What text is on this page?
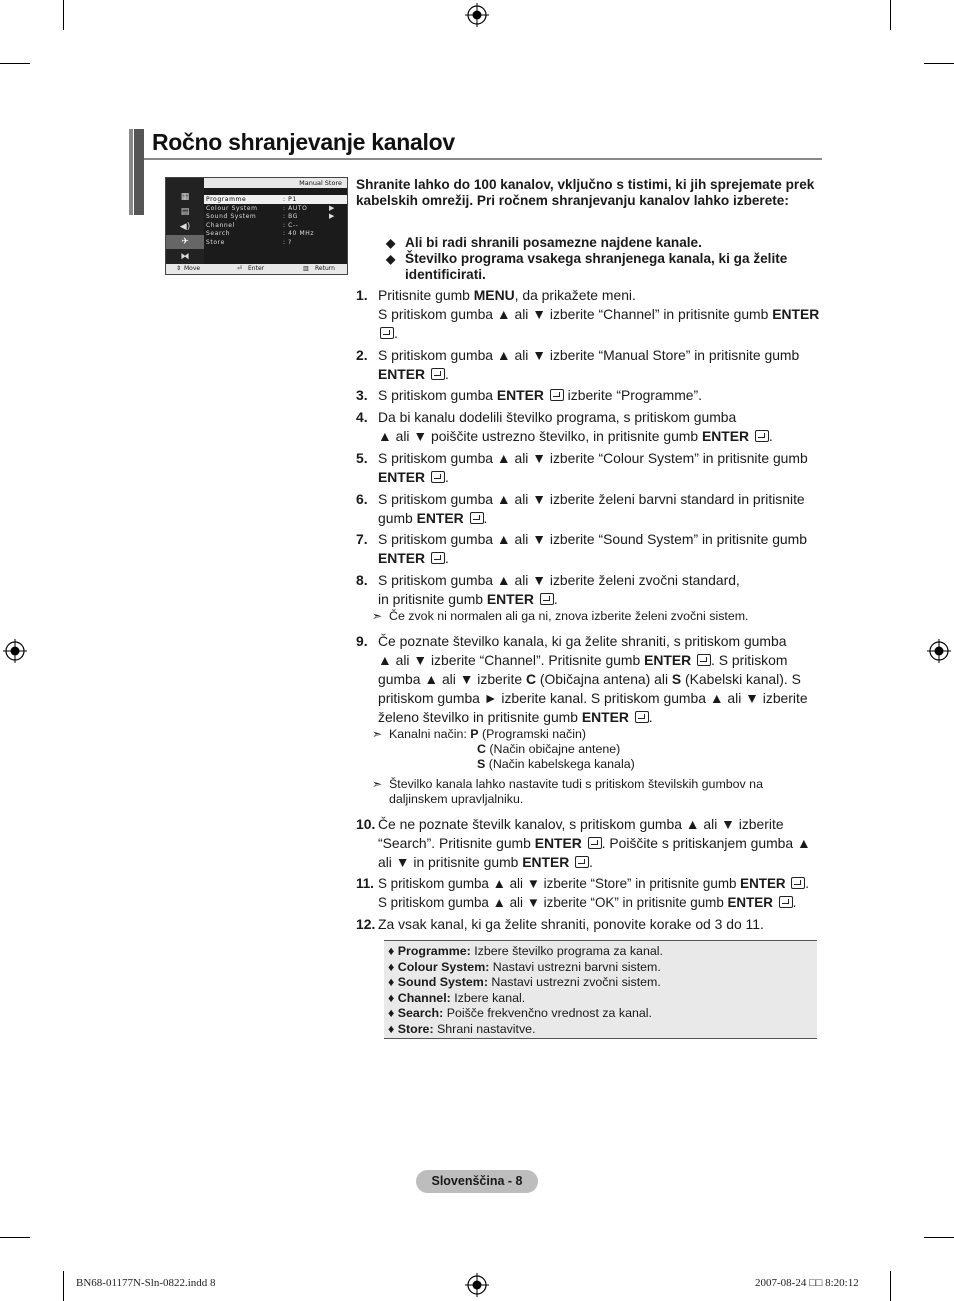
Ročno shranjevanje kanalov
▦
▤
◀)
✈
⧓
Manual Store
Programme	: P1
Colour System	: AUTO	▶
Sound System	: BG	▶
Channel	: C--
Search	: 40 MHz
Store	: ?
⇕ Move	⏎ Enter	▥ Return
Shranite lahko do 100 kanalov, vključno s tistimi, ki jih sprejemate prek kabelskih omrežij. Pri ročnem shranjevanju kanalov lahko izberete:
◆ Ali bi radi shranili posamezne najdene kanale.
◆ Številko programa vsakega shranjenega kanala, ki ga želite identificirati.
1. Pritisnite gumb MENU, da prikažete meni.
S pritiskom gumba ▲ ali ▼ izberite “Channel” in pritisnite gumb ENTER .
2. S pritiskom gumba ▲ ali ▼ izberite “Manual Store” in pritisnite gumb ENTER .
3. S pritiskom gumba ENTER  izberite “Programme”.
4. Da bi kanalu dodelili številko programa, s pritiskom gumba
▲ ali ▼ poiščite ustrezno številko, in pritisnite gumb ENTER .
5. S pritiskom gumba ▲ ali ▼ izberite “Colour System” in pritisnite gumb ENTER .
6. S pritiskom gumba ▲ ali ▼ izberite želeni barvni standard in pritisnite gumb ENTER .
7. S pritiskom gumba ▲ ali ▼ izberite “Sound System” in pritisnite gumb ENTER .
8. S pritiskom gumba ▲ ali ▼ izberite želeni zvočni standard,
in pritisnite gumb ENTER .
➣ Če zvok ni normalen ali ga ni, znova izberite želeni zvočni sistem.
9. Če poznate številko kanala, ki ga želite shraniti, s pritiskom gumba
▲ ali ▼ izberite “Channel”. Pritisnite gumb ENTER . S pritiskom gumba ▲ ali ▼ izberite C (Običajna antena) ali S (Kabelski kanal). S pritiskom gumba ► izberite kanal. S pritiskom gumba ▲ ali ▼ izberite želeno številko in pritisnite gumb ENTER .
➣ Kanalni način: P (Programski način)
C (Način običajne antene)
S (Način kabelskega kanala)
➣ Številko kanala lahko nastavite tudi s pritiskom številskih gumbov na daljinskem upravljalniku.
10. Če ne poznate številk kanalov, s pritiskom gumba ▲ ali ▼ izberite “Search”. Pritisnite gumb ENTER . Poiščite s pritiskanjem gumba ▲ ali ▼ in pritisnite gumb ENTER .
11. S pritiskom gumba ▲ ali ▼ izberite “Store” in pritisnite gumb ENTER .
S pritiskom gumba ▲ ali ▼ izberite “OK” in pritisnite gumb ENTER .
12. Za vsak kanal, ki ga želite shraniti, ponovite korake od 3 do 11.
♦ Programme: Izbere številko programa za kanal.
♦ Colour System: Nastavi ustrezni barvni sistem.
♦ Sound System: Nastavi ustrezni zvočni sistem.
♦ Channel: Izbere kanal.
♦ Search: Poišče frekvenčno vrednost za kanal.
♦ Store: Shrani nastavitve.
Slovenščina - 8
BN68-01177N-Sln-0822.indd 8	2007-08-24 □□ 8:20:12
